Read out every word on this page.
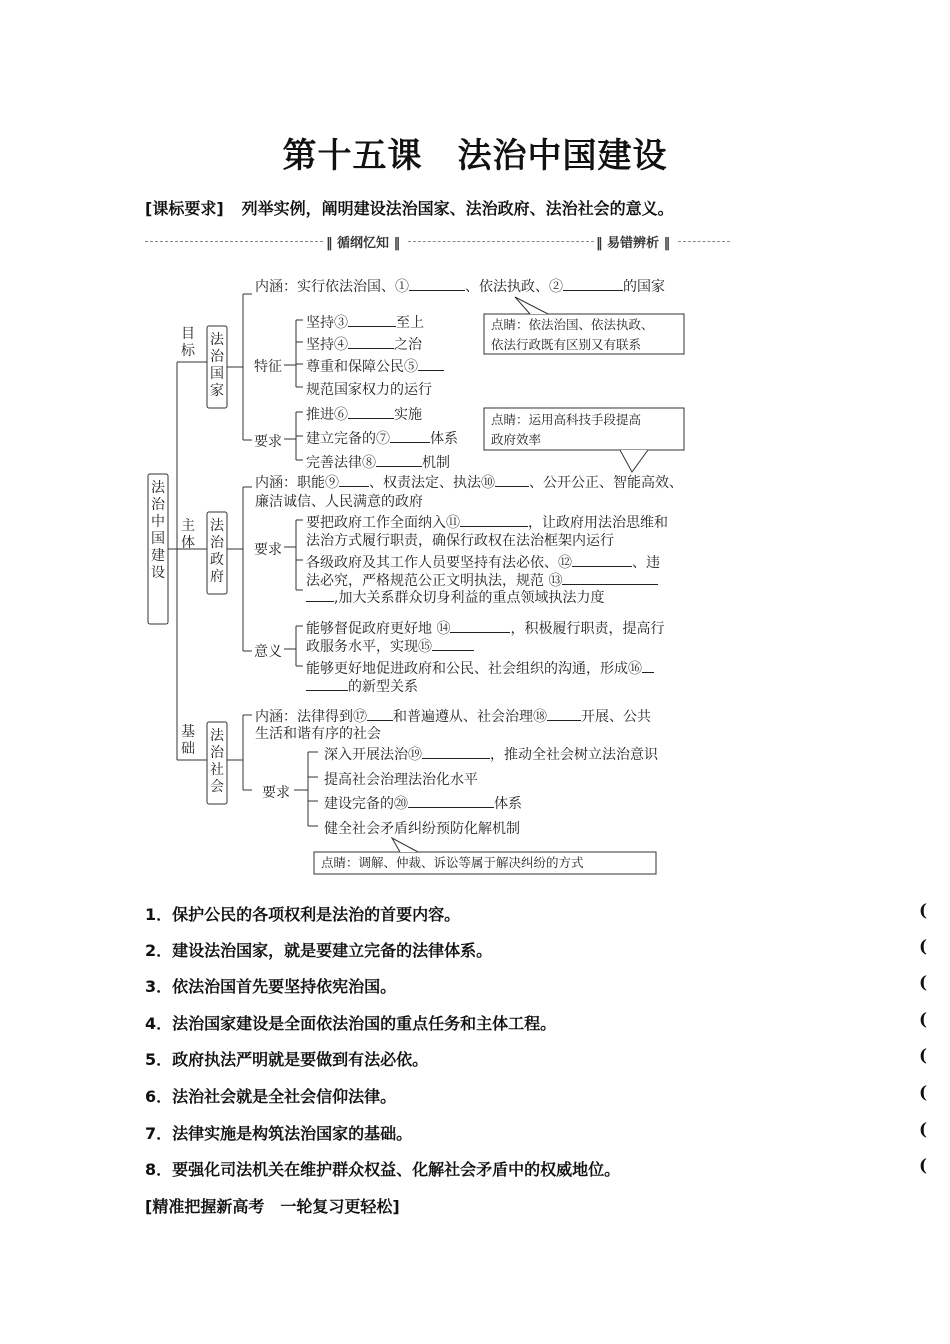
第十五课　法治中国建设
[课标要求] 列举实例，阐明建设法治国家、法治政府、法治社会的意义。
‖ 循纲忆知 ‖	‖ 易错辨析 ‖
法
治
中
国
建
设
目
标
主
体
基
础
法
治
国
家
法
治
政
府
法
治
社
会
内涵：实行依法治国、①	、依法执政、②	的国家
特征
坚持③	至上
坚持④	之治
尊重和保障公民⑤
规范国家权力的运行
要求
推进⑥	实施
建立完备的⑦	体系
完善法律⑧	机制
点睛：依法治国、依法执政、
依法行政既有区别又有联系
点睛：运用高科技手段提高
政府效率
内涵：职能⑨ 、权责法定、执法⑩ 、公开公正、智能高效、
廉洁诚信、人民满意的政府
要求
要把政府工作全面纳入⑪	，让政府用法治思维和
法治方式履行职责，确保行政权在法治框架内运行
各级政府及其工作人员要坚持有法必依、⑫	、违
法必究，严格规范公正文明执法，规范 ⑬
,加大关系群众切身利益的重点领域执法力度
意义
能够督促政府更好地 ⑭	，积极履行职责，提高行
政服务水平，实现⑮
能够更好地促进政府和公民、社会组织的沟通，形成⑯
的新型关系
内涵：法律得到⑰ 和普遍遵从、社会治理⑱ 开展、公共
生活和谐有序的社会
要求
深入开展法治⑲	，推动全社会树立法治意识
提高社会治理法治化水平
建设完备的⑳	体系
健全社会矛盾纠纷预防化解机制
点睛：调解、仲裁、诉讼等属于解决纠纷的方式
1．保护公民的各项权利是法治的首要内容。	(
2．建设法治国家，就是要建立完备的法律体系。	(
3．依法治国首先要坚持依宪治国。	(
4．法治国家建设是全面依法治国的重点任务和主体工程。	(
5．政府执法严明就是要做到有法必依。	(
6．法治社会就是全社会信仰法律。	(
7．法律实施是构筑法治国家的基础。	(
8．要强化司法机关在维护群众权益、化解社会矛盾中的权威地位。	(
[精准把握新高考　一轮复习更轻松]
